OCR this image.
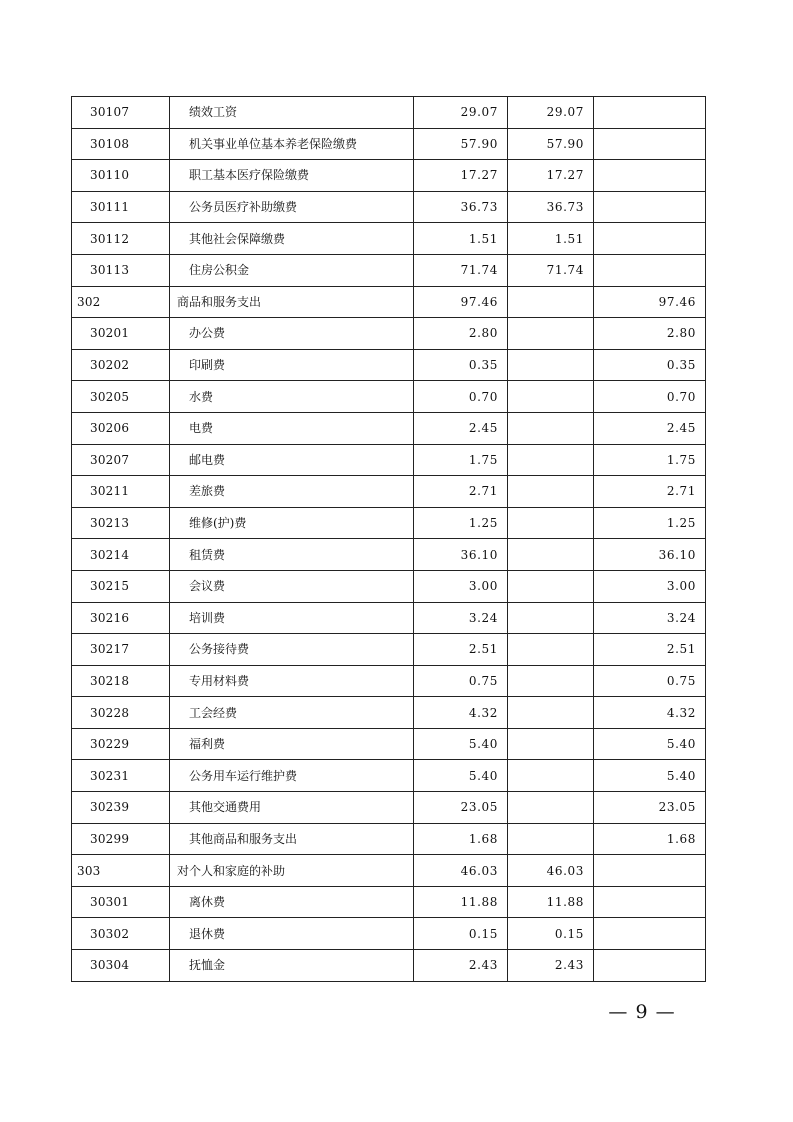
30107	绩效工资	29.07	29.07	
30108	机关事业单位基本养老保险缴费	57.90	57.90	
30110	职工基本医疗保险缴费	17.27	17.27	
30111	公务员医疗补助缴费	36.73	36.73	
30112	其他社会保障缴费	1.51	1.51	
30113	住房公积金	71.74	71.74	
302	商品和服务支出	97.46		97.46
30201	办公费	2.80		2.80
30202	印刷费	0.35		0.35
30205	水费	0.70		0.70
30206	电费	2.45		2.45
30207	邮电费	1.75		1.75
30211	差旅费	2.71		2.71
30213	维修(护)费	1.25		1.25
30214	租赁费	36.10		36.10
30215	会议费	3.00		3.00
30216	培训费	3.24		3.24
30217	公务接待费	2.51		2.51
30218	专用材料费	0.75		0.75
30228	工会经费	4.32		4.32
30229	福利费	5.40		5.40
30231	公务用车运行维护费	5.40		5.40
30239	其他交通费用	23.05		23.05
30299	其他商品和服务支出	1.68		1.68
303	对个人和家庭的补助	46.03	46.03	
30301	离休费	11.88	11.88	
30302	退休费	0.15	0.15	
30304	抚恤金	2.43	2.43	
— 9 —
